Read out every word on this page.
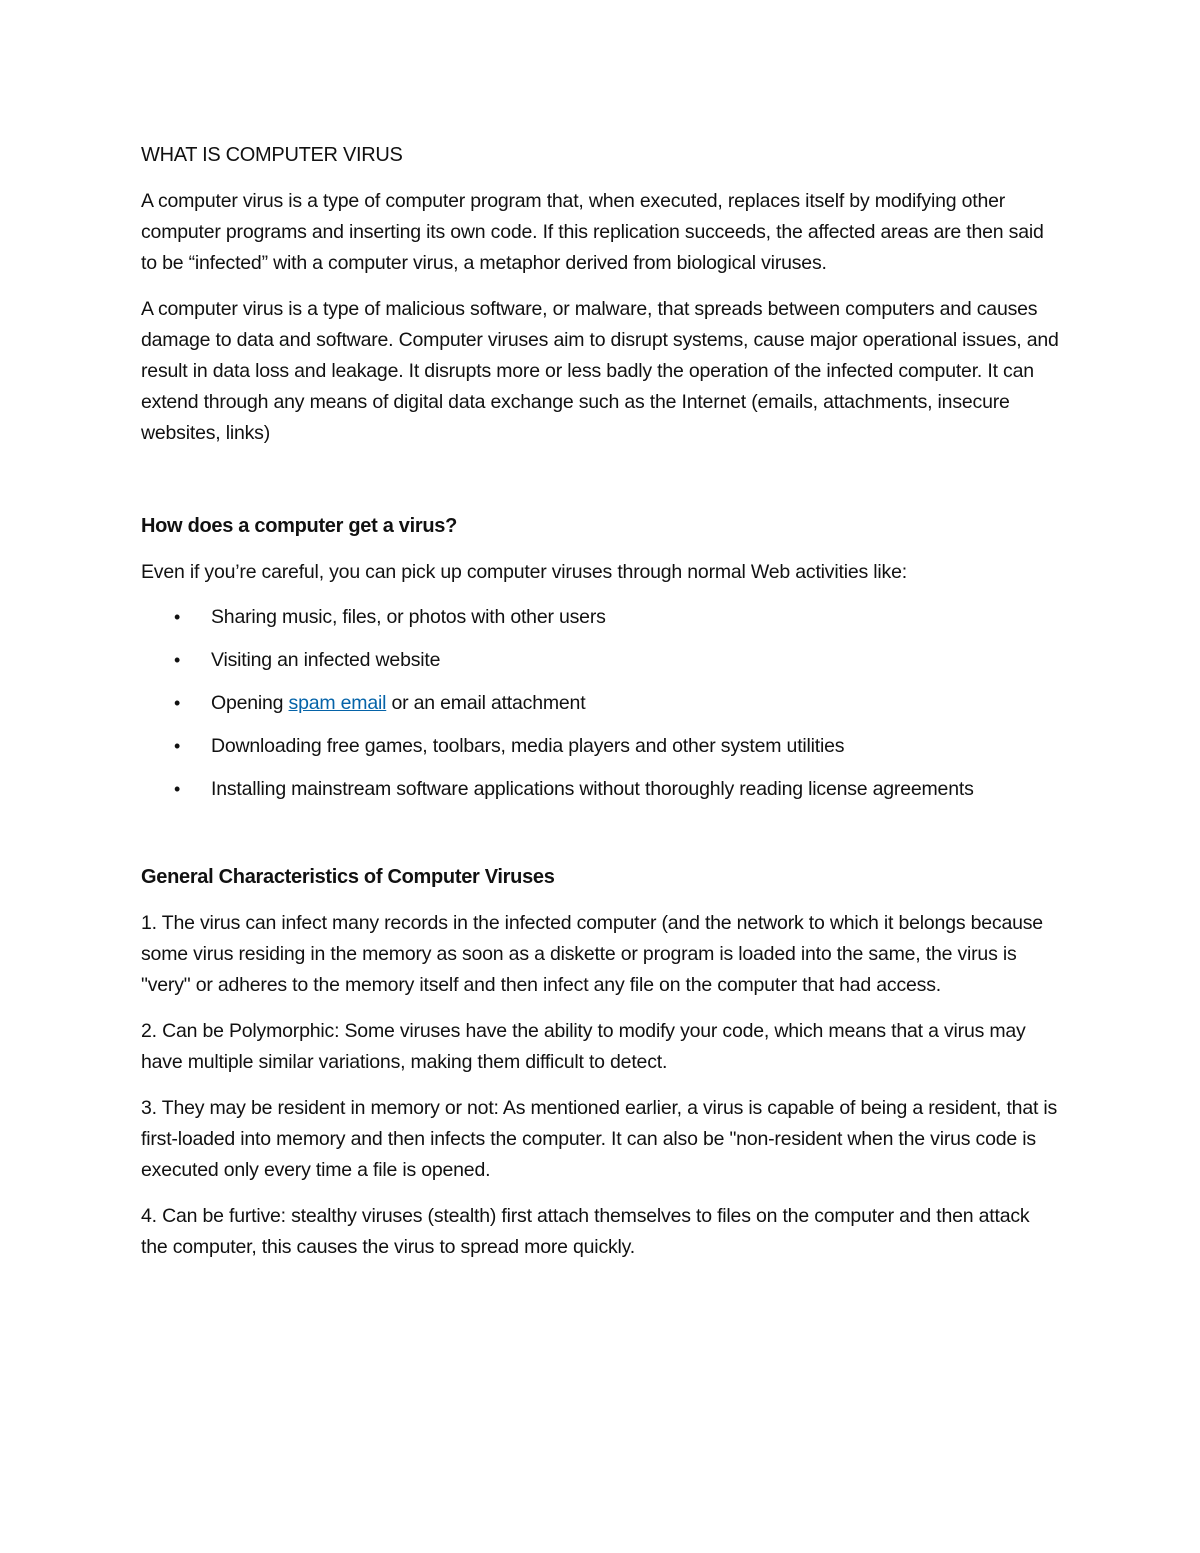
WHAT IS COMPUTER VIRUS

A computer virus is a type of computer program that, when executed, replaces itself by modifying other computer programs and inserting its own code. If this replication succeeds, the affected areas are then said to be “infected” with a computer virus, a metaphor derived from biological viruses.

A computer virus is a type of malicious software, or malware, that spreads between computers and causes damage to data and software. Computer viruses aim to disrupt systems, cause major operational issues, and result in data loss and leakage. It disrupts more or less badly the operation of the infected computer. It can extend through any means of digital data exchange such as the Internet (emails, attachments, insecure websites, links)

How does a computer get a virus?

Even if you’re careful, you can pick up computer viruses through normal Web activities like:

• Sharing music, files, or photos with other users
• Visiting an infected website
• Opening spam email or an email attachment
• Downloading free games, toolbars, media players and other system utilities
• Installing mainstream software applications without thoroughly reading license agreements
General Characteristics of Computer Viruses

1. The virus can infect many records in the infected computer (and the network to which it belongs because some virus residing in the memory as soon as a diskette or program is loaded into the same, the virus is "very" or adheres to the memory itself and then infect any file on the computer that had access.

2. Can be Polymorphic: Some viruses have the ability to modify your code, which means that a virus may have multiple similar variations, making them difficult to detect.

3. They may be resident in memory or not: As mentioned earlier, a virus is capable of being a resident, that is first-loaded into memory and then infects the computer. It can also be "non-resident when the virus code is executed only every time a file is opened.

4. Can be furtive: stealthy viruses (stealth) first attach themselves to files on the computer and then attack the computer, this causes the virus to spread more quickly.
